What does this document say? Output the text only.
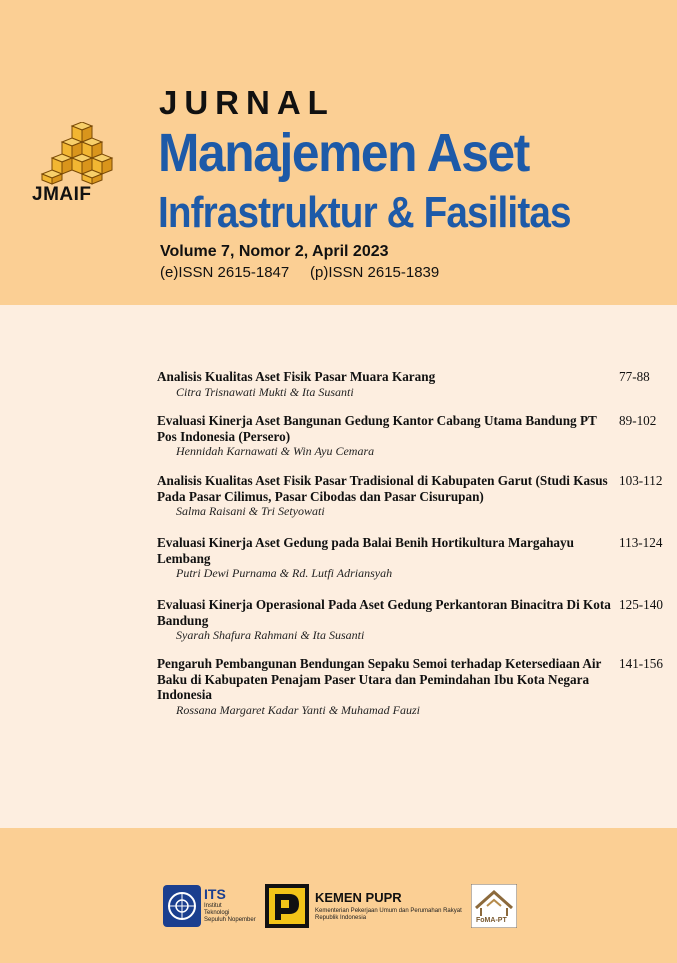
JMAIF
JURNAL
Manajemen Aset
Infrastruktur & Fasilitas
Volume 7, Nomor 2, April 2023
(e)ISSN 2615-1847 (p)ISSN 2615-1839
Analisis Kualitas Aset Fisik Pasar Muara Karang
Citra Trisnawati Mukti & Ita Susanti
77-88
Evaluasi Kinerja Aset Bangunan Gedung Kantor Cabang Utama Bandung PT Pos Indonesia (Persero)
Hennidah Karnawati & Win Ayu Cemara
89-102
Analisis Kualitas Aset Fisik Pasar Tradisional di Kabupaten Garut (Studi Kasus Pada Pasar Cilimus, Pasar Cibodas dan Pasar Cisurupan)
Salma Raisani & Tri Setyowati
103-112
Evaluasi Kinerja Aset Gedung pada Balai Benih Hortikultura Margahayu Lembang
Putri Dewi Purnama & Rd. Lutfi Adriansyah
113-124
Evaluasi Kinerja Operasional Pada Aset Gedung Perkantoran Binacitra Di Kota Bandung
Syarah Shafura Rahmani & Ita Susanti
125-140
Pengaruh Pembangunan Bendungan Sepaku Semoi terhadap Ketersediaan Air Baku di Kabupaten Penajam Paser Utara dan Pemindahan Ibu Kota Negara Indonesia
Rossana Margaret Kadar Yanti & Muhamad Fauzi
141-156
ITS
Institut
Teknologi
Sepuluh Nopember
KEMEN PUPR
Kementerian Pekerjaan Umum dan Perumahan Rakyat
Republik Indonesia	FoMA-PT
